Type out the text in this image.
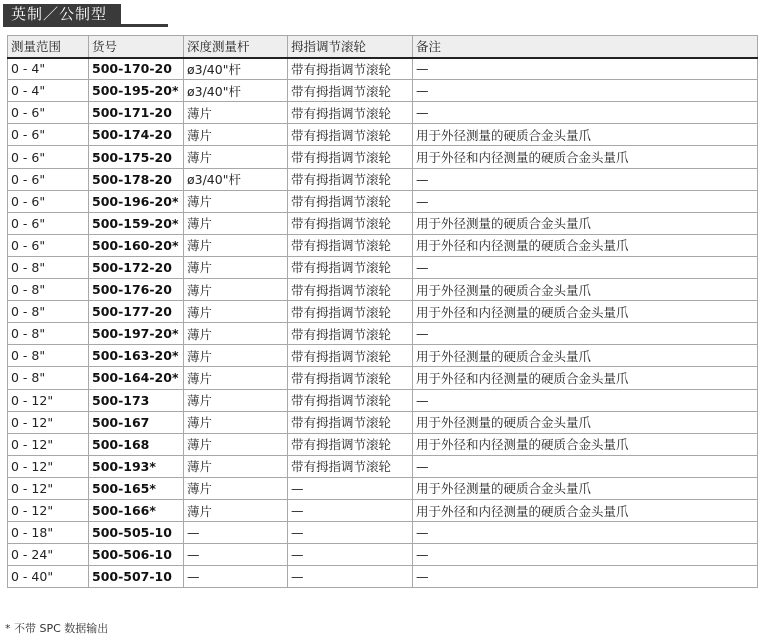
英制／公制型
测量范围	货号	深度测量杆	拇指调节滚轮	备注
0 - 4"	500-170-20	ø3/40"杆	带有拇指调节滚轮	—
0 - 4"	500-195-20*	ø3/40"杆	带有拇指调节滚轮	—
0 - 6"	500-171-20	薄片	带有拇指调节滚轮	—
0 - 6"	500-174-20	薄片	带有拇指调节滚轮	用于外径测量的硬质合金头量爪
0 - 6"	500-175-20	薄片	带有拇指调节滚轮	用于外径和内径测量的硬质合金头量爪
0 - 6"	500-178-20	ø3/40"杆	带有拇指调节滚轮	—
0 - 6"	500-196-20*	薄片	带有拇指调节滚轮	—
0 - 6"	500-159-20*	薄片	带有拇指调节滚轮	用于外径测量的硬质合金头量爪
0 - 6"	500-160-20*	薄片	带有拇指调节滚轮	用于外径和内径测量的硬质合金头量爪
0 - 8"	500-172-20	薄片	带有拇指调节滚轮	—
0 - 8"	500-176-20	薄片	带有拇指调节滚轮	用于外径测量的硬质合金头量爪
0 - 8"	500-177-20	薄片	带有拇指调节滚轮	用于外径和内径测量的硬质合金头量爪
0 - 8"	500-197-20*	薄片	带有拇指调节滚轮	—
0 - 8"	500-163-20*	薄片	带有拇指调节滚轮	用于外径测量的硬质合金头量爪
0 - 8"	500-164-20*	薄片	带有拇指调节滚轮	用于外径和内径测量的硬质合金头量爪
0 - 12"	500-173	薄片	带有拇指调节滚轮	—
0 - 12"	500-167	薄片	带有拇指调节滚轮	用于外径测量的硬质合金头量爪
0 - 12"	500-168	薄片	带有拇指调节滚轮	用于外径和内径测量的硬质合金头量爪
0 - 12"	500-193*	薄片	带有拇指调节滚轮	—
0 - 12"	500-165*	薄片	—	用于外径测量的硬质合金头量爪
0 - 12"	500-166*	薄片	—	用于外径和内径测量的硬质合金头量爪
0 - 18"	500-505-10	—	—	—
0 - 24"	500-506-10	—	—	—
0 - 40"	500-507-10	—	—	—
* 不带 SPC 数据输出
